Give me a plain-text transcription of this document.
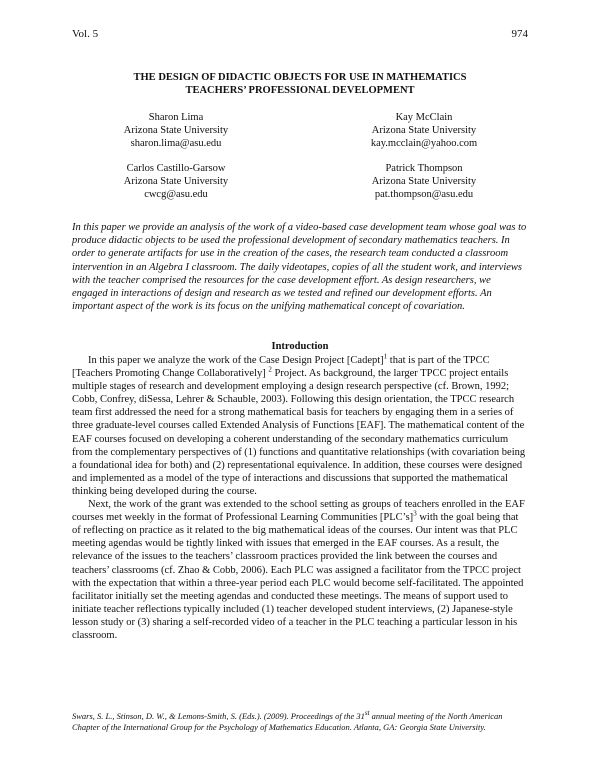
Vol. 5	974
THE DESIGN OF DIDACTIC OBJECTS FOR USE IN MATHEMATICS
TEACHERS’ PROFESSIONAL DEVELOPMENT
Sharon Lima
Arizona State University
sharon.lima@asu.edu
Kay McClain
Arizona State University
kay.mcclain@yahoo.com
Carlos Castillo-Garsow
Arizona State University
cwcg@asu.edu
Patrick Thompson
Arizona State University
pat.thompson@asu.edu

In this paper we provide an analysis of the work of a video-based case development team whose goal was to produce didactic objects to be used the professional development of secondary mathematics teachers. In order to generate artifacts for use in the creation of the cases, the research team conducted a classroom intervention in an Algebra I classroom. The daily videotapes, copies of all the student work, and interviews with the teacher comprised the resources for the case development effort. As design researchers, we engaged in interactions of design and research as we tested and refined our development efforts. An important aspect of the work is its focus on the unifying mathematical concept of covariation.

Introduction

In this paper we analyze the work of the Case Design Project [Cadept]$^1$ that is part of the TPCC [Teachers Promoting Change Collaboratively] $^2$ Project. As background, the larger TPCC project entails multiple stages of research and development employing a design research perspective (cf. Brown, 1992; Cobb, Confrey, diSessa, Lehrer & Schauble, 2003). Following this design orientation, the TPCC research team first addressed the need for a strong mathematical basis for teachers by engaging them in a series of three graduate-level courses called Extended Analysis of Functions [EAF]. The mathematical content of the EAF courses focused on developing a coherent understanding of the secondary mathematics curriculum from the complementary perspectives of (1) functions and quantitative relationships (with covariation being a foundational idea for both) and (2) representational equivalence. In addition, these courses were designed and implemented as a model of the type of interactions and discussions that supported the mathematical thinking being developed during the course.

Next, the work of the grant was extended to the school setting as groups of teachers enrolled in the EAF courses met weekly in the format of Professional Learning Communities [PLC’s]$^3$ with the goal being that of reflecting on practice as it related to the big mathematical ideas of the courses. Our intent was that PLC meeting agendas would be tightly linked with issues that emerged in the EAF courses. As a result, the relevance of the issues to the teachers’ classroom practices provided the link between the courses and teachers’ classrooms (cf. Zhao & Cobb, 2006). Each PLC was assigned a facilitator from the TPCC project with the expectation that within a three-year period each PLC would become self-facilitated. The appointed facilitator initially set the meeting agendas and conducted these meetings. The means of support used to initiate teacher reflections typically included (1) teacher developed student interviews, (2) Japanese-style lesson study or (3) sharing a self-recorded video of a teacher in the PLC teaching a particular lesson in his classroom.

Swars, S. L., Stinson, D. W., & Lemons-Smith, S. (Eds.). (2009). Proceedings of the 31st annual meeting of the North American Chapter of the International Group for the Psychology of Mathematics Education. Atlanta, GA: Georgia State University.
